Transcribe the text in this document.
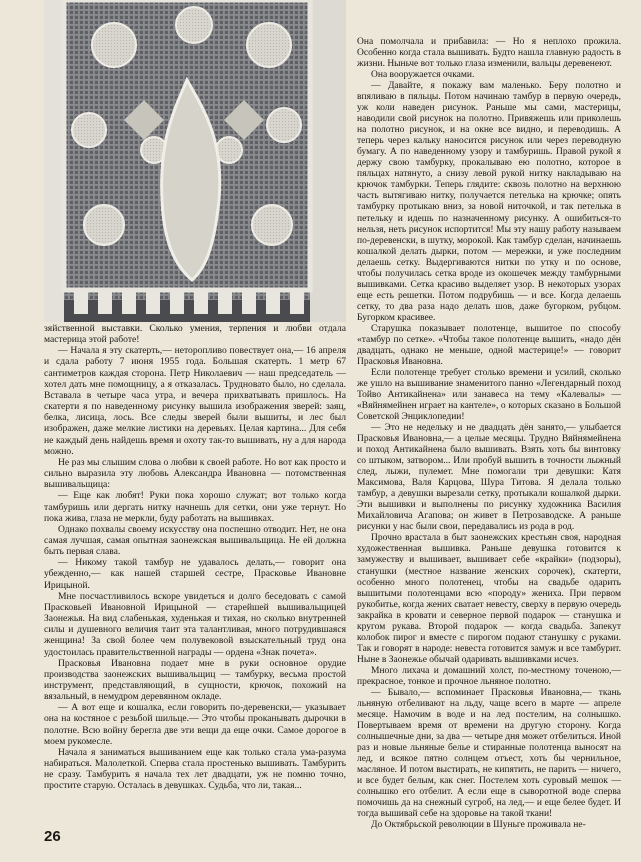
зяйственной выставки. Сколько умения, терпения и любви отдала мастерица этой работе!

— Начала я эту скатерть,— неторопливо повествует она,— 16 апреля и сдала работу 7 июня 1955 года. Большая скатерть. 1 метр 67 сантиметров каждая сторона. Петр Николаевич — наш председатель — хотел дать мне помощницу, а я отказалась. Трудновато было, но сделала. Вставала в четыре часа утра, и вечера прихватывать пришлось. На скатерти я по наведенному рисунку вышила изображения зверей: заяц, белка, лисица, лось. Все следы зверей были вышиты, и лес был изображен, даже мелкие листики на деревьях. Целая картина... Для себя не каждый день найдешь время и охоту так-то вышивать, ну а для народа можно.

Не раз мы слышим слова о любви к своей работе. Но вот как просто и сильно выразила эту любовь Александра Ивановна — потомственная вышивальщица:

— Еще как любят! Руки пока хорошо служат; вот только когда тамбуришь или дергать нитку начнешь для сетки, они уже тернут. Но пока жива, глаза не меркли, буду работать на вышивках.

Однако похвалы своему искусству она поспешно отводит. Нет, не она самая лучшая, самая опытная заонежская вышивальщица. Не ей должна быть первая слава.

— Никому такой тамбур не удавалось делать,— говорит она убежденно,— как нашей старшей сестре, Прасковье Ивановне Ирицыной.

Мне посчастливилось вскоре увидеться и долго беседовать с самой Прасковьей Ивановной Ирицыной — старейшей вышивальщицей Заонежья. На вид слабенькая, худенькая и тихая, но сколько внутренней силы и душевного величия таит эта талантливая, много потрудившаяся женщина! За свой более чем полувековой взыскательный труд она удостоилась правительственной награды — ордена «Знак почета».

Прасковья Ивановна подает мне в руки основное орудие производства заонежских вышивальщиц — тамбурку, весьма простой инструмент, представляющий, в сущности, крючок, похожий на вязальный, в немудром деревянном окладе.

— А вот еще и кошалка, если говорить по-деревенски,— указывает она на костяное с резьбой шильце.— Это чтобы проканывать дырочки в полотне. Всю войну берегла две эти вещи да еще очки. Самое дорогое в моем рукомесле.

Начала я заниматься вышиванием еще как только стала ума-разума набираться. Малолеткой. Сперва стала простенько вышивать. Тамбурить не сразу. Тамбурить я начала тех лет двадцати, уж не помню точно, простите старую. Осталась в девушках. Судьба, что ли, такая...

Она помолчала и прибавила: — Но я неплохо прожила. Особенно когда стала вышивать. Будто нашла главную радость в жизни. Ныньче вот только глаза изменили, вальцы деревенеют.

Она вооружается очками.

— Давайте, я покажу вам маленько. Беру полотно и впяливаю в пяльцы. Потом начинаю тамбур в первую очередь, уж коли наведен рисунок. Раньше мы сами, мастерицы, наводили свой рисунок на полотно. Привяжешь или приколешь на полотно рисунок, и на окне все видно, и переводишь. А теперь через кальку наносится рисунок или через переводную бумагу. А по наведенному узору и тамбуришь. Правой рукой я держу свою тамбурку, прокалываю ею полотно, которое в пяльцах натянуто, а снизу левой рукой нитку накладываю на крючок тамбурки. Теперь глядите: сквозь полотно на верхнюю часть вытягиваю нитку, получается петелька на крючке; опять тамбурку протыкаю вниз, за новой ниточкой, и так петелька в петельку и идешь по назначенному рисунку. А ошибиться-то нельзя, неть рисунок испортится! Мы эту нашу работу называем по-деревенски, в шутку, морокой. Как тамбур сделан, начинаешь кошалкой делать дырки, потом — мережки, и уже последним делаешь сетку. Выдергиваются нитки по утку и по основе, чтобы получилась сетка вроде из окошечек между тамбурными вышивками. Сетка красиво выделяет узор. В некоторых узорах еще есть решетки. Потом подрубишь — и все. Когда делаешь сетку, то два раза надо делать шов, даже бугорком, рубцом. Бугорком красивее.

Старушка показывает полотенце, вышитое по способу «тамбур по сетке». «Чтобы такое полотенце вышить, «надо дён двадцать, однако не меньше, одной мастерице!» — говорит Прасковья Ивановна.

Если полотенце требует столько времени и усилий, сколько же ушло на вышивание знаменитого панно «Легендарный поход Тойво Антикайнена» или занавеса на тему «Калевалы» — «Вяйнямейнен играет на кантеле», о которых сказано в Большой Советской Энциклопедии!

— Это не недельку и не двадцать дён занято,— улыбается Прасковья Ивановна,— а целые месяцы. Трудно Вяйнямейнена и поход Антикайнена было вышивать. Взять хоть бы винтовку со штыком, затвором... Или пробуй вышить в точности лыжный след, лыжи, пулемет. Мне помогали три девушки: Катя Максимова, Валя Карцова, Шура Титова. Я делала только тамбур, а девушки вырезали сетку, протыкали кошалкой дырки. Эти вышивки и выполнены по рисунку художника Василия Михайловича Агапова; он живет в Петрозаводске. А раньше рисунки у нас были свои, передавались из рода в род.

Прочно врастала в быт заонежских крестьян своя, народная художественная вышивка. Раньше девушка готовится к замужеству и вышивает, вышивает себе «крайки» (подзоры), станушки (местное название женских сорочек), скатерти, особенно много полотенец, чтобы на свадьбе одарить вышитыми полотенцами всю «породу» жениха. При первом рукобитье, когда жених сватает невесту, сверху в первую очередь закрайка в кровати и северное первой подарок — станушка и кругом рукава. Второй подарок — когда свадьба. Запекут колобок пирог и вместе с пирогом подают станушку с руками. Так и говорят в народе: невеста готовится замуж и все тамбурит. Ныне в Заонежье обычай одаривать вышивками исчез.

Много лихача и домашний холст, по-местному точеною,— прекрасное, тонкое и прочное льняное полотно.

— Бывало,— вспоминает Прасковья Ивановна,— ткань льняную отбеливают на льду, чаще всего в марте — апреле месяце. Намочим в воде и на лед постелим, на солнышко. Повертываем время от времени на другую сторону. Когда солнышечные дни, за два — четыре дня может отбелиться. Иной раз и новые льняные белье и стиранные полотенца выносят на лед, и всякое пятно солнцем отъест, хоть бы чернильное, масляное. И потом выстирать, не кипятить, не парить — ничего, и все будет белым, как снег. Постелем хоть суровый мешок — солнышко его отбелит. А если еще в сыворотной воде сперва помочишь да на снежный сугроб, на лед,— и еще белее будет. И тогда вышивай себе на здоровье на такой ткани!

До Октябрьской революции в Шуньге проживала не-

26
